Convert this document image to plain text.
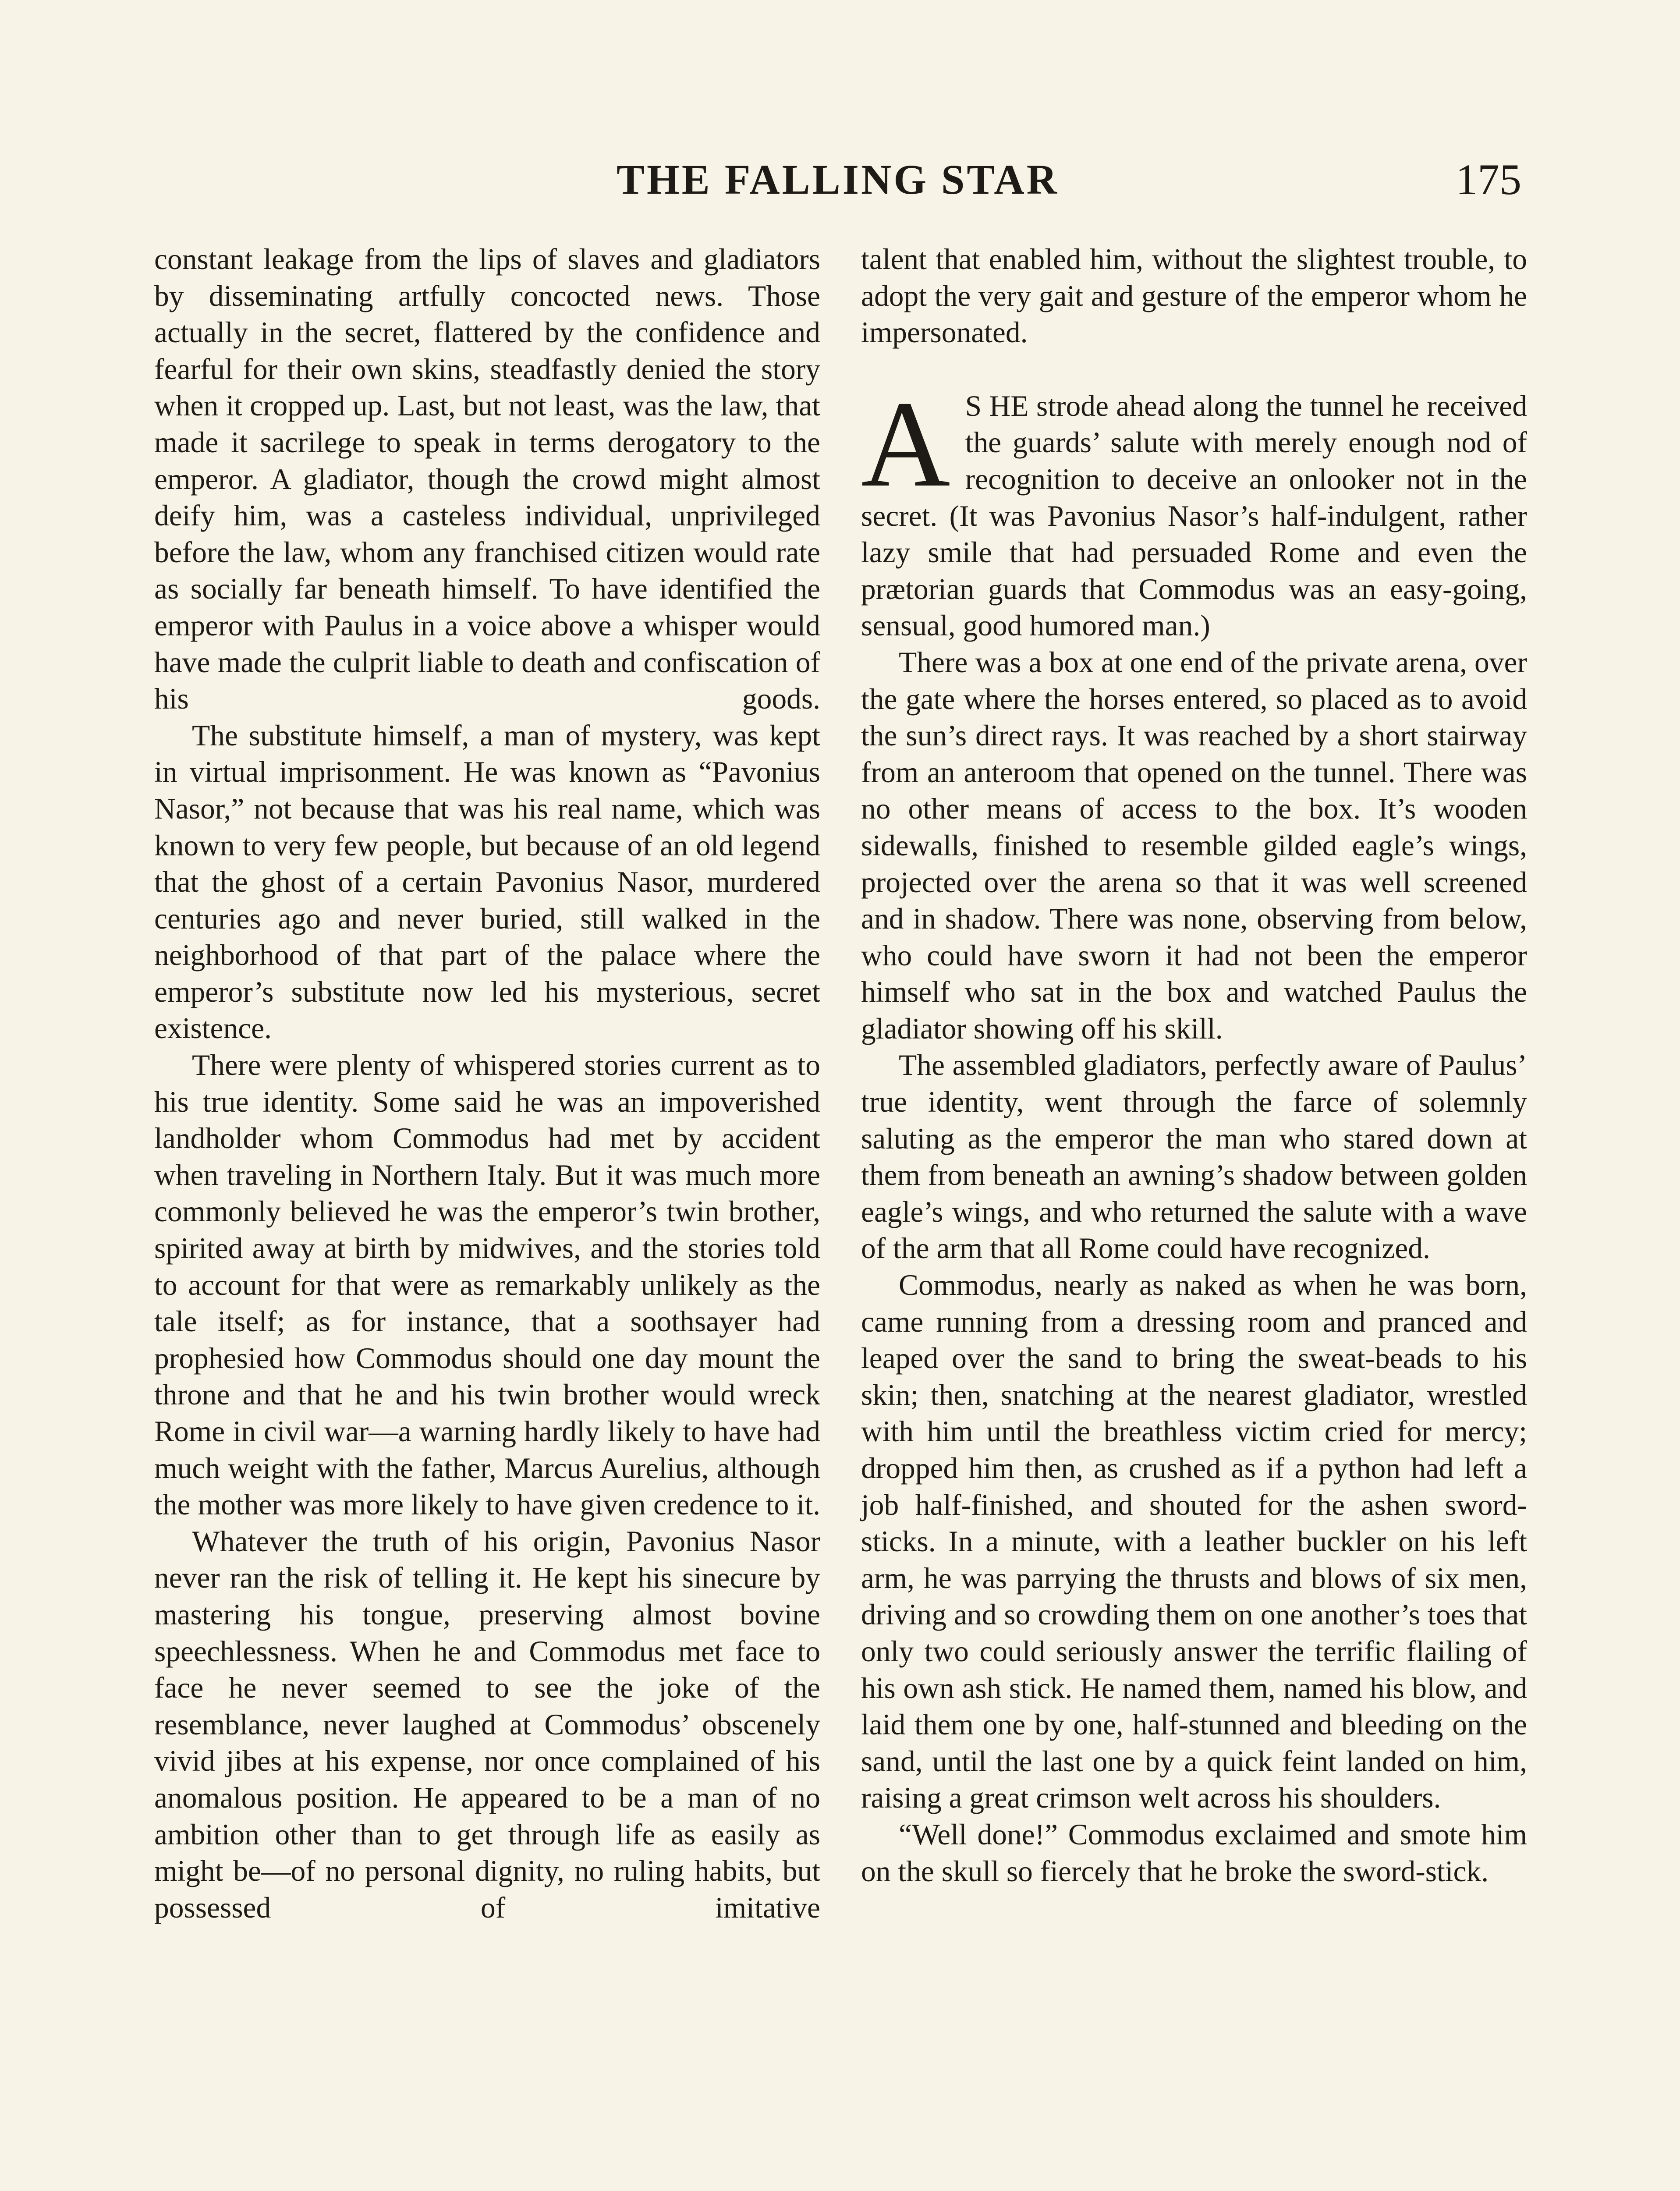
THE FALLING STAR	175

constant leakage from the lips of slaves and gladiators by disseminating artfully concocted news. Those actually in the secret, flattered by the confidence and fearful for their own skins, steadfastly denied the story when it cropped up. Last, but not least, was the law, that made it sacrilege to speak in terms derogatory to the emperor. A gladiator, though the crowd might almost deify him, was a casteless individual, unprivileged before the law, whom any franchised citizen would rate as socially far beneath himself. To have identified the emperor with Paulus in a voice above a whisper would have made the culprit liable to death and confiscation of his goods.

The substitute himself, a man of mystery, was kept in virtual imprisonment. He was known as “Pavonius Nasor,” not because that was his real name, which was known to very few people, but because of an old legend that the ghost of a certain Pavonius Nasor, murdered centuries ago and never buried, still walked in the neighborhood of that part of the palace where the emperor’s substitute now led his mysterious, secret existence.

There were plenty of whispered stories current as to his true identity. Some said he was an impoverished landholder whom Commodus had met by accident when traveling in Northern Italy. But it was much more commonly believed he was the emperor’s twin brother, spirited away at birth by midwives, and the stories told to account for that were as remarkably unlikely as the tale itself; as for instance, that a soothsayer had prophesied how Commodus should one day mount the throne and that he and his twin brother would wreck Rome in civil war—a warning hardly likely to have had much weight with the father, Marcus Aurelius, although the mother was more likely to have given credence to it.

Whatever the truth of his origin, Pavonius Nasor never ran the risk of telling it. He kept his sinecure by mastering his tongue, preserving almost bovine speechlessness. When he and Commodus met face to face he never seemed to see the joke of the resemblance, never laughed at Commodus’ obscenely vivid jibes at his expense, nor once complained of his anomalous position. He appeared to be a man of no ambition other than to get through life as easily as might be—of no personal dignity, no ruling habits, but possessed of imitative

talent that enabled him, without the slightest trouble, to adopt the very gait and gesture of the emperor whom he impersonated.

A S HE strode ahead along the tunnel he received the guards’ salute with merely enough nod of recognition to deceive an onlooker not in the secret. (It was Pavonius Nasor’s half-indulgent, rather lazy smile that had persuaded Rome and even the prætorian guards that Commodus was an easy-going, sensual, good humored man.)

There was a box at one end of the private arena, over the gate where the horses entered, so placed as to avoid the sun’s direct rays. It was reached by a short stairway from an anteroom that opened on the tunnel. There was no other means of access to the box. It’s wooden sidewalls, finished to resemble gilded eagle’s wings, projected over the arena so that it was well screened and in shadow. There was none, observing from below, who could have sworn it had not been the emperor himself who sat in the box and watched Paulus the gladiator showing off his skill.

The assembled gladiators, perfectly aware of Paulus’ true identity, went through the farce of solemnly saluting as the emperor the man who stared down at them from beneath an awning’s shadow between golden eagle’s wings, and who returned the salute with a wave of the arm that all Rome could have recognized.

Commodus, nearly as naked as when he was born, came running from a dressing room and pranced and leaped over the sand to bring the sweat-beads to his skin; then, snatching at the nearest gladiator, wrestled with him until the breathless victim cried for mercy; dropped him then, as crushed as if a python had left a job half-finished, and shouted for the ashen sword-sticks. In a minute, with a leather buckler on his left arm, he was parrying the thrusts and blows of six men, driving and so crowding them on one another’s toes that only two could seriously answer the terrific flailing of his own ash stick. He named them, named his blow, and laid them one by one, half-stunned and bleeding on the sand, until the last one by a quick feint landed on him, raising a great crimson welt across his shoulders.

“Well done!” Commodus exclaimed and smote him on the skull so fiercely that he broke the sword-stick.
